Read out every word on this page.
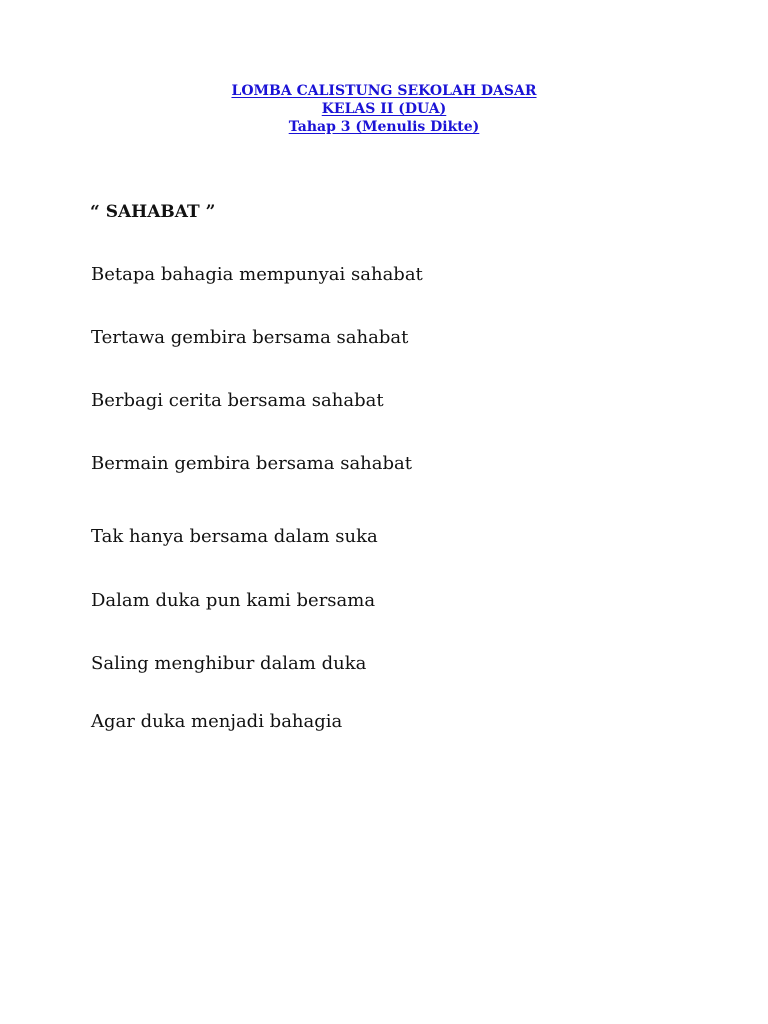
LOMBA CALISTUNG SEKOLAH DASAR
KELAS II (DUA)
Tahap 3 (Menulis Dikte)

“ SAHABAT ”

Betapa bahagia mempunyai sahabat

Tertawa gembira bersama sahabat

Berbagi cerita bersama sahabat

Bermain gembira bersama sahabat

Tak hanya bersama dalam suka

Dalam duka pun kami bersama

Saling menghibur dalam duka

Agar duka menjadi bahagia
